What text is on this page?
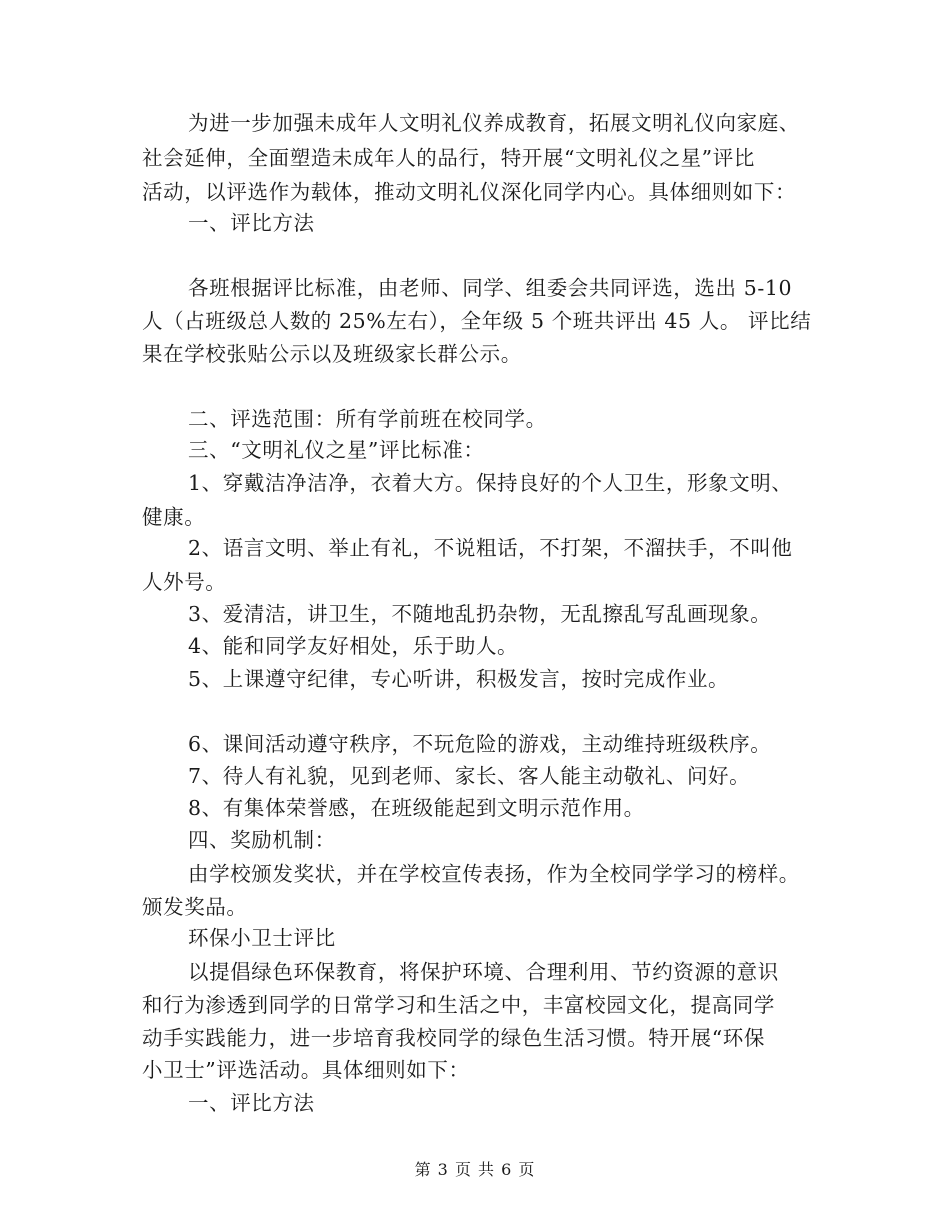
为进一步加强未成年人文明礼仪养成教育，拓展文明礼仪向家庭、
社会延伸，全面塑造未成年人的品行，特开展“文明礼仪之星”评比
活动，以评选作为载体，推动文明礼仪深化同学内心。具体细则如下：
一、评比方法
各班根据评比标准，由老师、同学、组委会共同评选，选出 5-10
人（占班级总人数的 25%左右），全年级 5 个班共评出 45 人。 评比结
果在学校张贴公示以及班级家长群公示。
二、评选范围：所有学前班在校同学。
三、“文明礼仪之星”评比标准：
1、穿戴洁净洁净，衣着大方。保持良好的个人卫生，形象文明、
健康。
2、语言文明、举止有礼，不说粗话，不打架，不溜扶手，不叫他
人外号。
3、爱清洁，讲卫生，不随地乱扔杂物，无乱擦乱写乱画现象。
4、能和同学友好相处，乐于助人。
5、上课遵守纪律，专心听讲，积极发言，按时完成作业。
6、课间活动遵守秩序，不玩危险的游戏，主动维持班级秩序。
7、待人有礼貌，见到老师、家长、客人能主动敬礼、问好。
8、有集体荣誉感，在班级能起到文明示范作用。
四、奖励机制：
由学校颁发奖状，并在学校宣传表扬，作为全校同学学习的榜样。
颁发奖品。
环保小卫士评比
以提倡绿色环保教育，将保护环境、合理利用、节约资源的意识
和行为渗透到同学的日常学习和生活之中，丰富校园文化，提高同学
动手实践能力，进一步培育我校同学的绿色生活习惯。特开展“环保
小卫士”评选活动。具体细则如下：
一、评比方法
第 3 页 共 6 页
